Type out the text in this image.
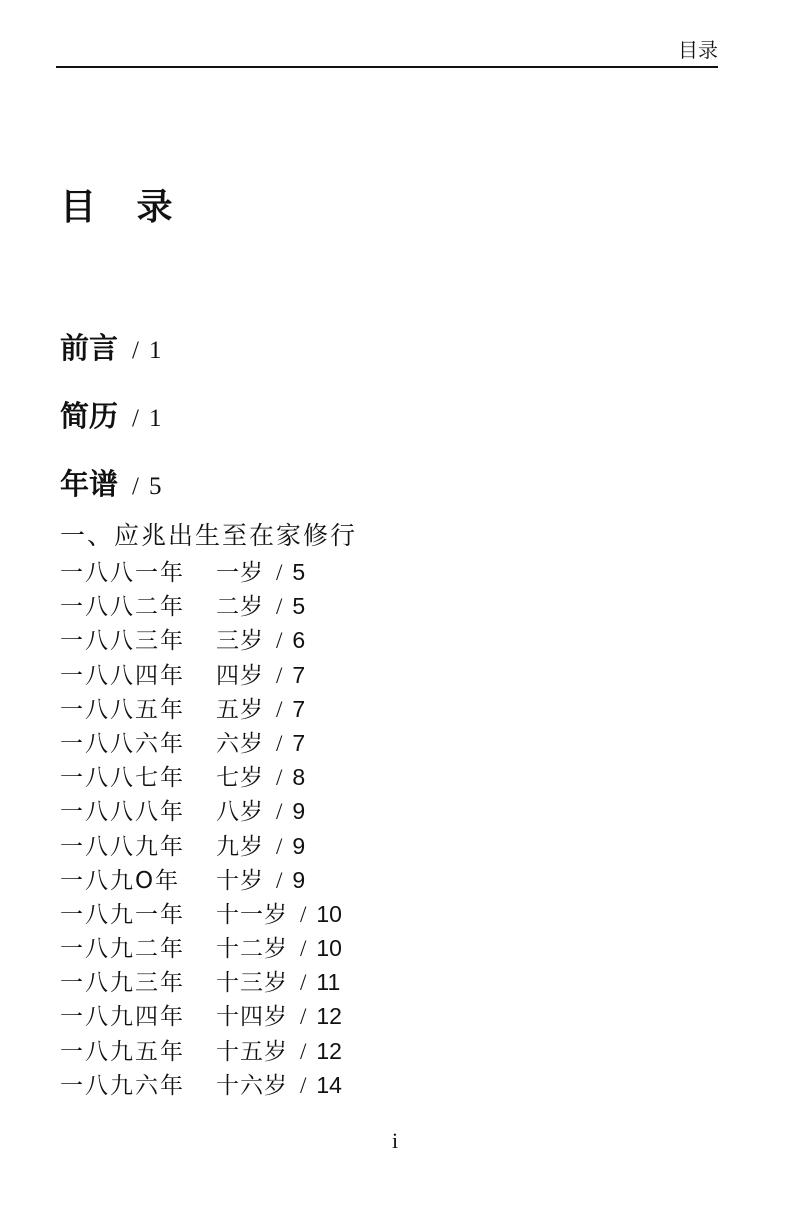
目录
目 录
前言 / 1
简历 / 1
年谱 / 5
一、应兆出生至在家修行
一八八一年 一岁 / 5
一八八二年 二岁 / 5
一八八三年 三岁 / 6
一八八四年 四岁 / 7
一八八五年 五岁 / 7
一八八六年 六岁 / 7
一八八七年 七岁 / 8
一八八八年 八岁 / 9
一八八九年 九岁 / 9
一八九O年 十岁 / 9
一八九一年 十一岁 / 10
一八九二年 十二岁 / 10
一八九三年 十三岁 / 11
一八九四年 十四岁 / 12
一八九五年 十五岁 / 12
一八九六年 十六岁 / 14
i
